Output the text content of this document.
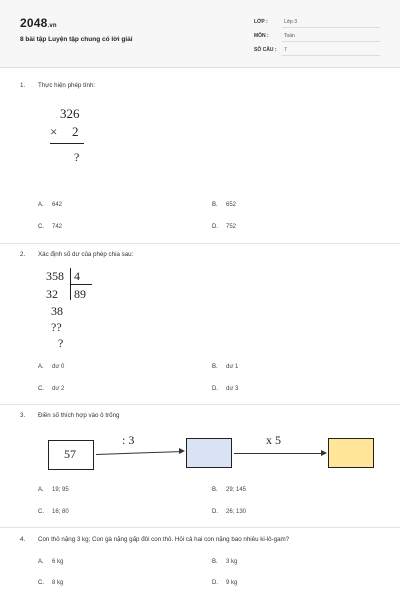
2048.vn
8 bài tập Luyện tập chung có lời giải
LỚP :	Lớp 3
MÔN :	Toán
SỐ CÂU : 7
1. Thực hiện phép tính:
326
× 2
?
A. 642	B. 652
C. 742	D. 752
2. Xác định số dư của phép chia sau:
358 4
32 89
38
??
?
A. dư 0	B. dư 1
C. dư 2	D. dư 3
3. Điền số thích hợp vào ô trống
57
: 3	x 5
A. 19; 95	B. 29; 145
C. 16; 80	D. 26; 130
4. Con thỏ nặng 3 kg; Con gà nặng gấp đôi con thỏ. Hỏi cả hai con nặng bao nhiêu ki-lô-gam?
A. 6 kg	B. 3 kg
C. 8 kg	D. 9 kg
